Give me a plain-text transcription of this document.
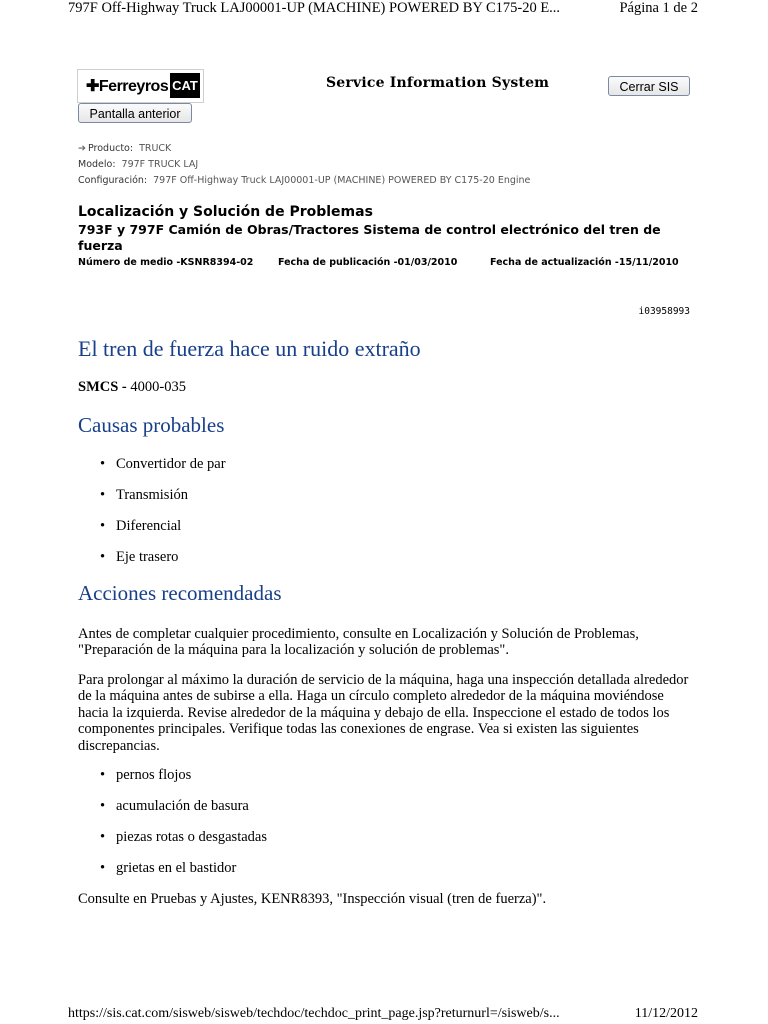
797F Off-Highway Truck LAJ00001-UP (MACHINE) POWERED BY C175-20 E...	Página 1 de 2
✚Ferreyros CAT	Service Information System	Cerrar SIS
Pantalla anterior
➔ Producto: TRUCK
Modelo: 797F TRUCK LAJ
Configuración: 797F Off-Highway Truck LAJ00001-UP (MACHINE) POWERED BY C175-20 Engine
Localización y Solución de Problemas
793F y 797F Camión de Obras/Tractores Sistema de control electrónico del tren de fuerza
Número de medio -KSNR8394-02	Fecha de publicación -01/03/2010	Fecha de actualización -15/11/2010
i03958993
El tren de fuerza hace un ruido extraño
SMCS - 4000-035
Causas probables
• Convertidor de par
• Transmisión
• Diferencial
• Eje trasero
Acciones recomendadas

Antes de completar cualquier procedimiento, consulte en Localización y Solución de Problemas, "Preparación de la máquina para la localización y solución de problemas".

Para prolongar al máximo la duración de servicio de la máquina, haga una inspección detallada alrededor de la máquina antes de subirse a ella. Haga un círculo completo alrededor de la máquina moviéndose hacia la izquierda. Revise alrededor de la máquina y debajo de ella. Inspeccione el estado de todos los componentes principales. Verifique todas las conexiones de engrase. Vea si existen las siguientes discrepancias.

• pernos flojos
• acumulación de basura
• piezas rotas o desgastadas
• grietas en el bastidor

Consulte en Pruebas y Ajustes, KENR8393, "Inspección visual (tren de fuerza)".

https://sis.cat.com/sisweb/sisweb/techdoc/techdoc_print_page.jsp?returnurl=/sisweb/s...	11/12/2012
